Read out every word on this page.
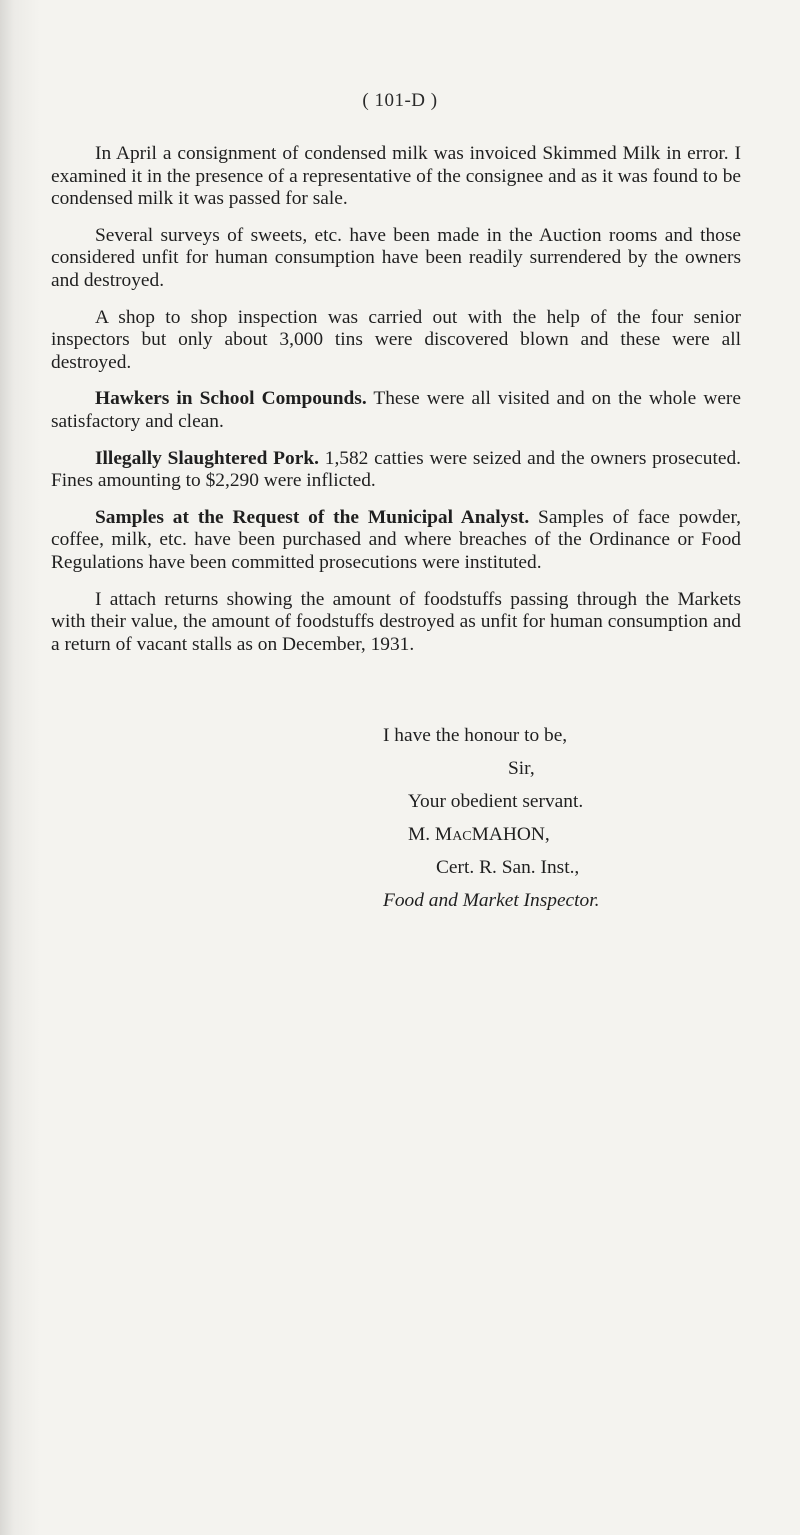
( 101-D )

In April a consignment of condensed milk was invoiced Skimmed Milk in error. I examined it in the presence of a representative of the consignee and as it was found to be condensed milk it was passed for sale.

Several surveys of sweets, etc. have been made in the Auction rooms and those considered unfit for human consumption have been readily surrendered by the owners and destroyed.

A shop to shop inspection was carried out with the help of the four senior inspectors but only about 3,000 tins were discovered blown and these were all destroyed.

Hawkers in School Compounds. These were all visited and on the whole were satisfactory and clean.

Illegally Slaughtered Pork. 1,582 catties were seized and the owners prosecuted. Fines amounting to $2,290 were inflicted.

Samples at the Request of the Municipal Analyst. Samples of face powder, coffee, milk, etc. have been purchased and where breaches of the Ordinance or Food Regulations have been committed prosecutions were instituted.

I attach returns showing the amount of foodstuffs passing through the Markets with their value, the amount of foodstuffs destroyed as unfit for human consumption and a return of vacant stalls as on December, 1931.

I have the honour to be,
Sir,
Your obedient servant.
M. MacMAHON,
Cert. R. San. Inst.,
Food and Market Inspector.
